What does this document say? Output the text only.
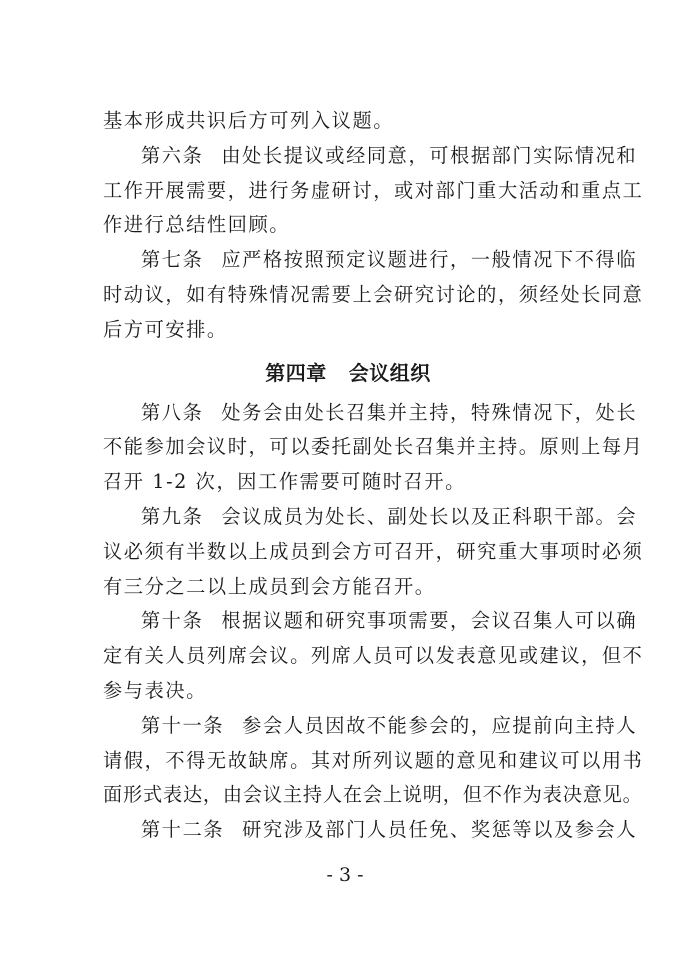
基本形成共识后方可列入议题。
第六条 由处长提议或经同意，可根据部门实际情况和
工作开展需要，进行务虚研讨，或对部门重大活动和重点工
作进行总结性回顾。
第七条 应严格按照预定议题进行，一般情况下不得临
时动议，如有特殊情况需要上会研究讨论的，须经处长同意
后方可安排。
第四章 会议组织
第八条 处务会由处长召集并主持，特殊情况下，处长
不能参加会议时，可以委托副处长召集并主持。原则上每月
召开 1-2 次，因工作需要可随时召开。
第九条 会议成员为处长、副处长以及正科职干部。会
议必须有半数以上成员到会方可召开，研究重大事项时必须
有三分之二以上成员到会方能召开。
第十条 根据议题和研究事项需要，会议召集人可以确
定有关人员列席会议。列席人员可以发表意见或建议，但不
参与表决。
第十一条 参会人员因故不能参会的，应提前向主持人
请假，不得无故缺席。其对所列议题的意见和建议可以用书
面形式表达，由会议主持人在会上说明，但不作为表决意见。
第十二条 研究涉及部门人员任免、奖惩等以及参会人
- 3 -
